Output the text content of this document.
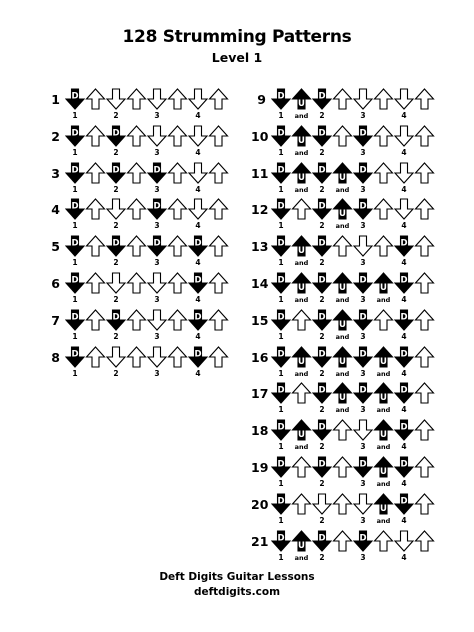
128 Strumming Patterns
Level 1
1 D
1	2	3	4
2 D
1
D
2	3	4
3 D
1
D
2
D
3	4
4 D
1	2
D
3	4
5 D
1
D
2
D
3
D
4
6 D
1	2	3
D
4
7 D
1
D
2	3
D
4
8 D
1	2	3
D
4
9 D
1
U
and
D
2	3	4
10 D
1
U
and
D
2
D
3	4
11 D
1
U
and
D
2
U
and
D
3	4
12 D
1
D
2
U
and
D
3	4
13 D
1
U
and
D
2	3
D
4
14 D
1
U
and
D
2
U
and
D
3
U
and
D
4
15 D
1
D
2
U
and
D
3
D
4
16 D
1
U
and
D
2
U
and
D
3
U
and
D
4
17 D
1
D
2
U
and
D
3
U
and
D
4
18 D
1
U
and
D
2	3
U
and
D
4
19 D
1
D
2
D
3
U
and
D
4
20 D
1	2	3
U
and
D
4
21 D
1
U
and
D
2
D
3	4
Deft Digits Guitar Lessons
deftdigits.com
